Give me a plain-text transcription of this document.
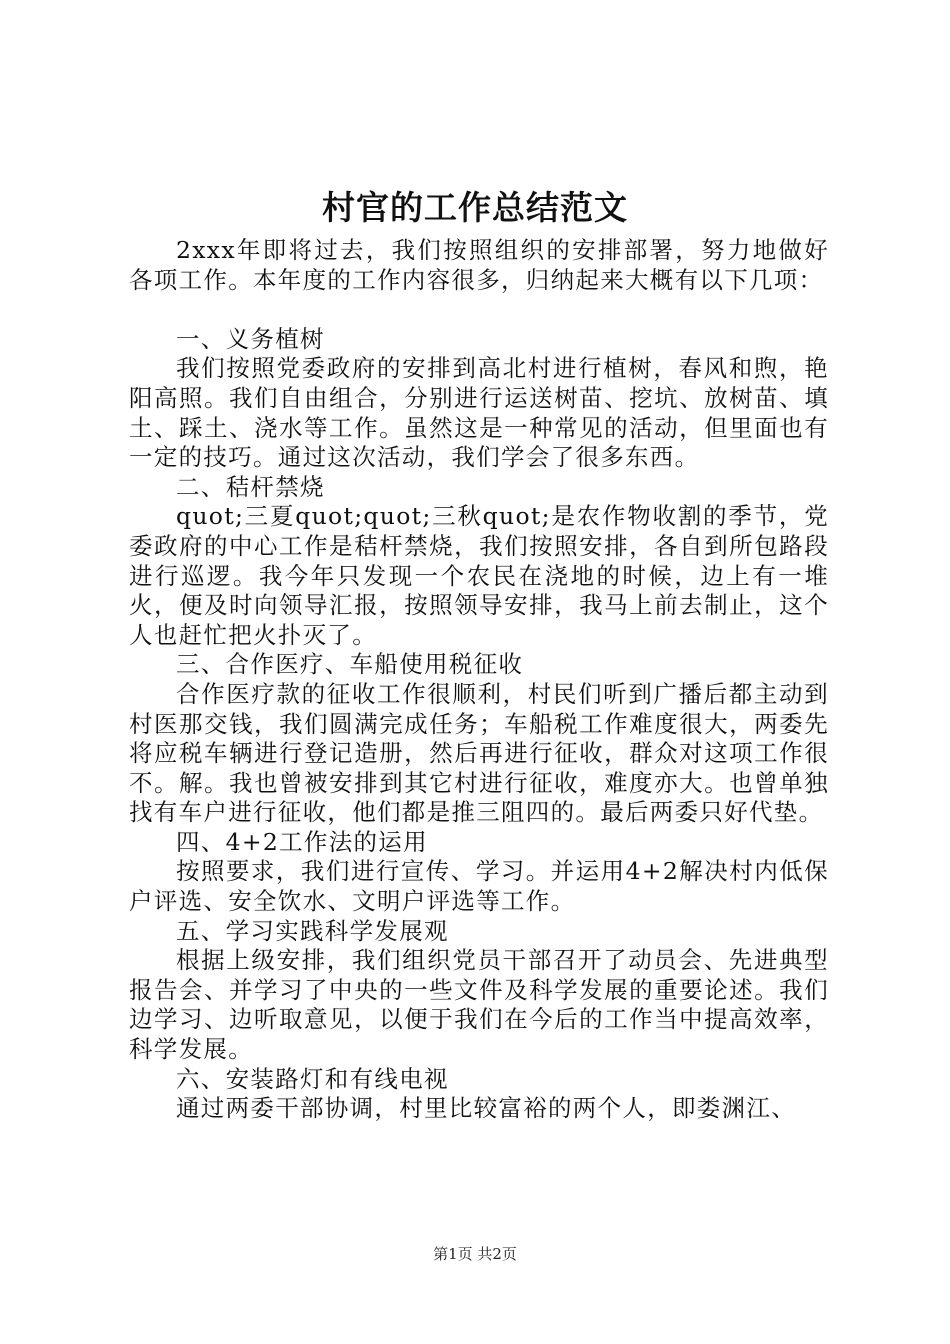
村官的工作总结范文

2xxx年即将过去，我们按照组织的安排部署，努力地做好各项工作。本年度的工作内容很多，归纳起来大概有以下几项：

一、义务植树

我们按照党委政府的安排到高北村进行植树，春风和煦，艳阳高照。我们自由组合，分别进行运送树苗、挖坑、放树苗、填土、踩土、浇水等工作。虽然这是一种常见的活动，但里面也有一定的技巧。通过这次活动，我们学会了很多东西。

二、秸杆禁烧

quot;三夏quot;quot;三秋quot;是农作物收割的季节，党委政府的中心工作是秸杆禁烧，我们按照安排，各自到所包路段进行巡逻。我今年只发现一个农民在浇地的时候，边上有一堆火，便及时向领导汇报，按照领导安排，我马上前去制止，这个人也赶忙把火扑灭了。

三、合作医疗、车船使用税征收

合作医疗款的征收工作很顺利，村民们听到广播后都主动到村医那交钱，我们圆满完成任务；车船税工作难度很大，两委先将应税车辆进行登记造册，然后再进行征收，群众对这项工作很不。解。我也曾被安排到其它村进行征收，难度亦大。也曾单独找有车户进行征收，他们都是推三阻四的。最后两委只好代垫。

四、4+2工作法的运用

按照要求，我们进行宣传、学习。并运用4+2解决村内低保户评选、安全饮水、文明户评选等工作。

五、学习实践科学发展观

根据上级安排，我们组织党员干部召开了动员会、先进典型报告会、并学习了中央的一些文件及科学发展的重要论述。我们边学习、边听取意见，以便于我们在今后的工作当中提高效率，科学发展。

六、安装路灯和有线电视

通过两委干部协调，村里比较富裕的两个人，即娄渊江、

第1页 共2页
